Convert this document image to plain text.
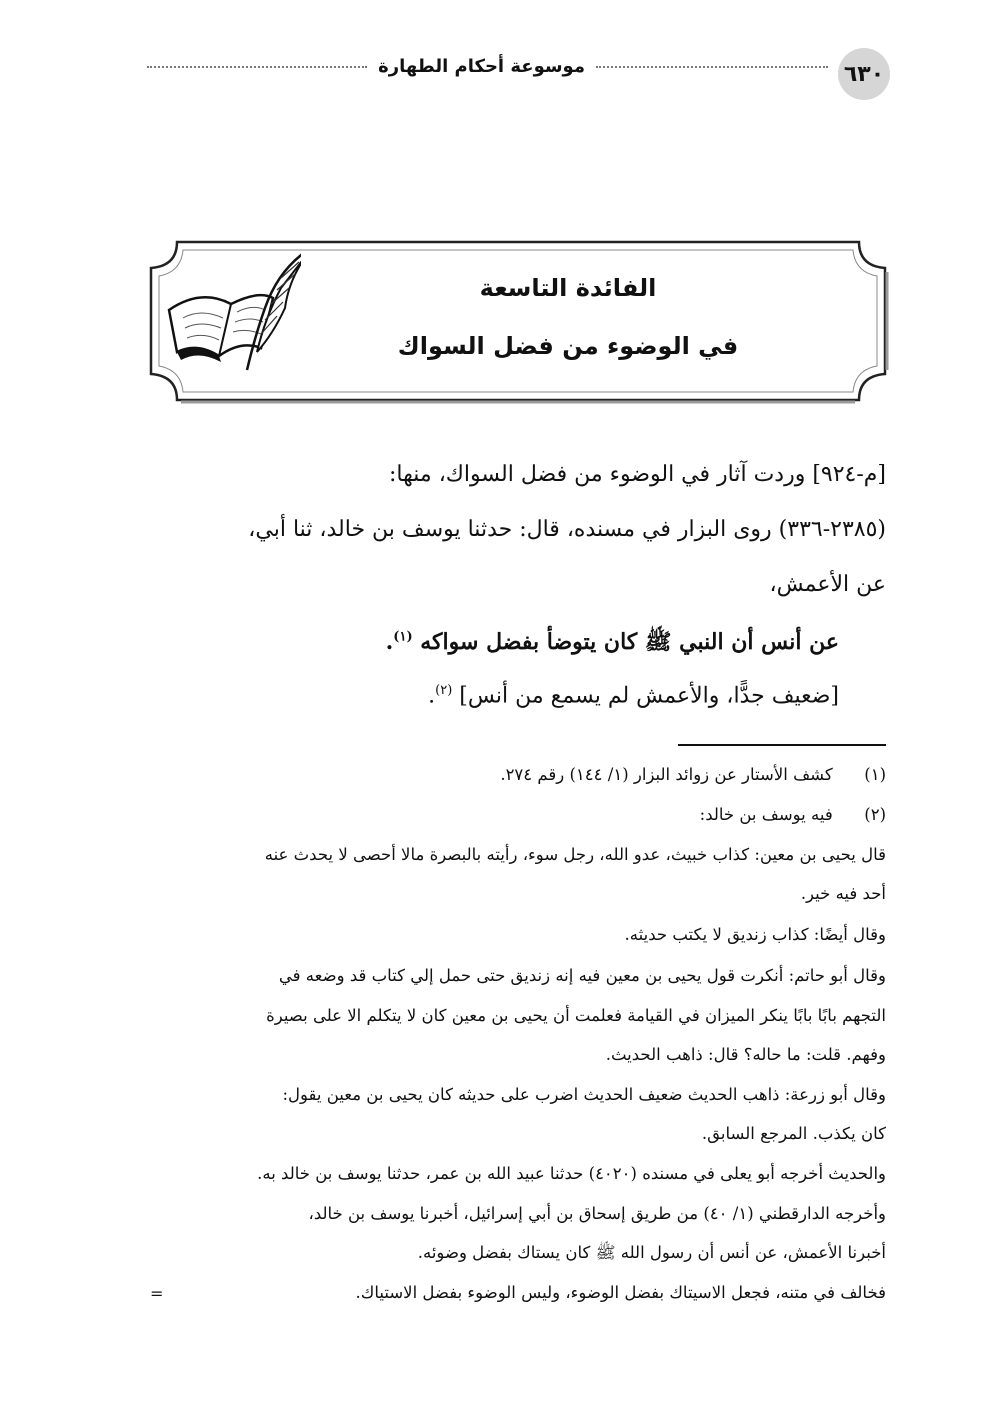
٦٣٠
موسوعة أحكام الطهارة
الفائدة التاسعة
في الوضوء من فضل السواك
[م-٩٢٤] وردت آثار في الوضوء من فضل السواك، منها:
(٢٣٨٥-٣٣٦) روى البزار في مسنده، قال: حدثنا يوسف بن خالد، ثنا أبي،
عن الأعمش،
عن أنس أن النبي ﷺ كان يتوضأ بفضل سواكه $^{(١)}$.
[ضعيف جدًّا، والأعمش لم يسمع من أنس] $^{(٢)}$.
(١) كشف الأستار عن زوائد البزار (١/ ١٤٤) رقم ٢٧٤.
(٢) فيه يوسف بن خالد:
قال يحيى بن معين: كذاب خبيث، عدو الله، رجل سوء، رأيته بالبصرة مالا أحصى لا يحدث عنه
أحد فيه خير.
وقال أيضًا: كذاب زنديق لا يكتب حديثه.
وقال أبو حاتم: أنكرت قول يحيى بن معين فيه إنه زنديق حتى حمل إلي كتاب قد وضعه في
التجهم بابًا بابًا ينكر الميزان في القيامة فعلمت أن يحيى بن معين كان لا يتكلم الا على بصيرة
وفهم. قلت: ما حاله؟ قال: ذاهب الحديث.
وقال أبو زرعة: ذاهب الحديث ضعيف الحديث اضرب على حديثه كان يحيى بن معين يقول:
كان يكذب. المرجع السابق.
والحديث أخرجه أبو يعلى في مسنده (٤٠٢٠) حدثنا عبيد الله بن عمر، حدثنا يوسف بن خالد به.
وأخرجه الدارقطني (١/ ٤٠) من طريق إسحاق بن أبي إسرائيل، أخبرنا يوسف بن خالد،
أخبرنا الأعمش، عن أنس أن رسول الله ﷺ كان يستاك بفضل وضوئه.
فخالف في متنه، فجعل الاسيتاك بفضل الوضوء، وليس الوضوء بفضل الاستياك.
=
